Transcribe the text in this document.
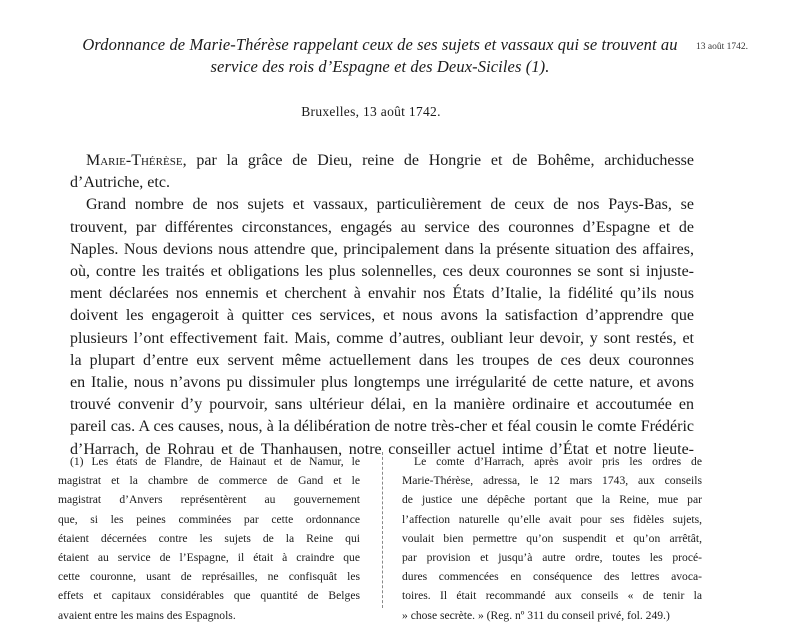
Ordonnance de Marie-Thérèse rappelant ceux de ses sujets et vassaux qui se trouvent au
service des rois d’Espagne et des Deux-Siciles (1).
13 août 1742.
Bruxelles, 13 août 1742.
Marie-Thérèse, par la grâce de Dieu, reine de Hongrie et de Bohême, archiduchesse
d’Autriche, etc.
Grand nombre de nos sujets et vassaux, particulièrement de ceux de nos Pays-Bas, se
trouvent, par différentes circonstances, engagés au service des couronnes d’Espagne et de
Naples. Nous devions nous attendre que, principalement dans la présente situation des affaires,
où, contre les traités et obligations les plus solennelles, ces deux couronnes se sont si injuste-
ment déclarées nos ennemis et cherchent à envahir nos États d’Italie, la fidélité qu’ils nous
doivent les engageroit à quitter ces services, et nous avons la satisfaction d’apprendre que
plusieurs l’ont effectivement fait. Mais, comme d’autres, oubliant leur devoir, y sont restés, et
la plupart d’entre eux servent même actuellement dans les troupes de ces deux couronnes
en Italie, nous n’avons pu dissimuler plus longtemps une irrégularité de cette nature, et avons
trouvé convenir d’y pourvoir, sans ultérieur délai, en la manière ordinaire et accoutumée en
pareil cas. A ces causes, nous, à la délibération de notre très-cher et féal cousin le comte Frédéric
d’Harrach, de Rohrau et de Thanhausen, notre conseiller actuel intime d’État et notre lieute-
(1) Les états de Flandre, de Hainaut et de Namur, le
magistrat et la chambre de commerce de Gand et le
magistrat d’Anvers représentèrent au gouvernement
que, si les peines comminées par cette ordonnance
étaient décernées contre les sujets de la Reine qui
étaient au service de l’Espagne, il était à craindre que
cette couronne, usant de représailles, ne confisquât les
effets et capitaux considérables que quantité de Belges
avaient entre les mains des Espagnols.
Le comte d’Harrach, après avoir pris les ordres de
Marie-Thérèse, adressa, le 12 mars 1743, aux conseils
de justice une dépêche portant que la Reine, mue par
l’affection naturelle qu’elle avait pour ses fidèles sujets,
voulait bien permettre qu’on suspendit et qu’on arrêtât,
par provision et jusqu’à autre ordre, toutes les procé-
dures commencées en conséquence des lettres avoca-
toires. Il était recommandé aux conseils « de tenir la
» chose secrète. » (Reg. nº 311 du conseil privé, fol. 249.)
